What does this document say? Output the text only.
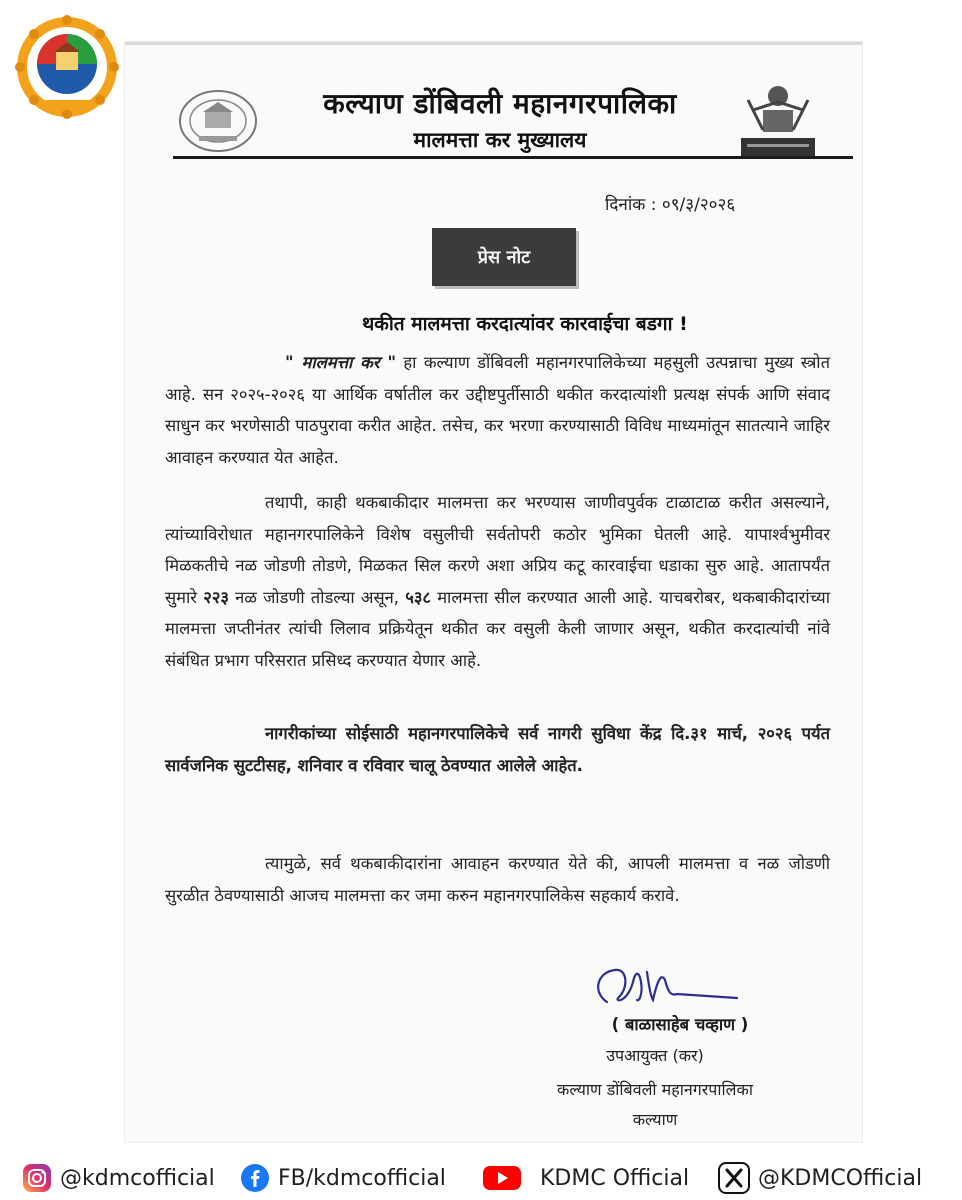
कल्याण डोंबिवली महानगरपालिका
मालमत्ता कर मुख्यालय
दिनांक : ०९/३/२०२६
प्रेस नोट
थकीत मालमत्ता करदात्यांवर कारवाईचा बडगा !
" मालमत्ता कर " हा कल्याण डोंबिवली महानगरपालिकेच्या महसुली उत्पन्नाचा मुख्य स्त्रोत आहे. सन २०२५-२०२६ या आर्थिक वर्षातील कर उद्दीष्टपुर्तीसाठी थकीत करदात्यांशी प्रत्यक्ष संपर्क आणि संवाद साधुन कर भरणेसाठी पाठपुरावा करीत आहेत. तसेच, कर भरणा करण्यासाठी विविध माध्यमांतून सातत्याने जाहिर आवाहन करण्यात येत आहेत.
तथापी, काही थकबाकीदार मालमत्ता कर भरण्यास जाणीवपुर्वक टाळाटाळ करीत असल्याने, त्यांच्याविरोधात महानगरपालिकेने विशेष वसुलीची सर्वतोपरी कठोर भुमिका घेतली आहे. यापार्श्वभुमीवर मिळकतीचे नळ जोडणी तोडणे, मिळकत सिल करणे अशा अप्रिय कटू कारवाईचा धडाका सुरु आहे. आतापर्यंत सुमारे २२३ नळ जोडणी तोडल्या असून, ५३८ मालमत्ता सील करण्यात आली आहे. याचबरोबर, थकबाकीदारांच्या मालमत्ता जप्तीनंतर त्यांची लिलाव प्रक्रियेतून थकीत कर वसुली केली जाणार असून, थकीत करदात्यांची नांवे संबंधित प्रभाग परिसरात प्रसिध्द करण्यात येणार आहे.
नागरीकांच्या सोईसाठी महानगरपालिकेचे सर्व नागरी सुविधा केंद्र दि.३१ मार्च, २०२६ पर्यत सार्वजनिक सुटटीसह, शनिवार व रविवार चालू ठेवण्यात आलेले आहेत.
त्यामुळे, सर्व थकबाकीदारांना आवाहन करण्यात येते की, आपली मालमत्ता व नळ जोडणी सुरळीत ठेवण्यासाठी आजच मालमत्ता कर जमा करुन महानगरपालिकेस सहकार्य करावे.
( बाळासाहेब चव्हाण )
उपआयुक्त (कर)
कल्याण डोंबिवली महानगरपालिका
कल्याण
@kdmcofficial	FB/kdmcofficial	KDMC Official	@KDMCOfficial
